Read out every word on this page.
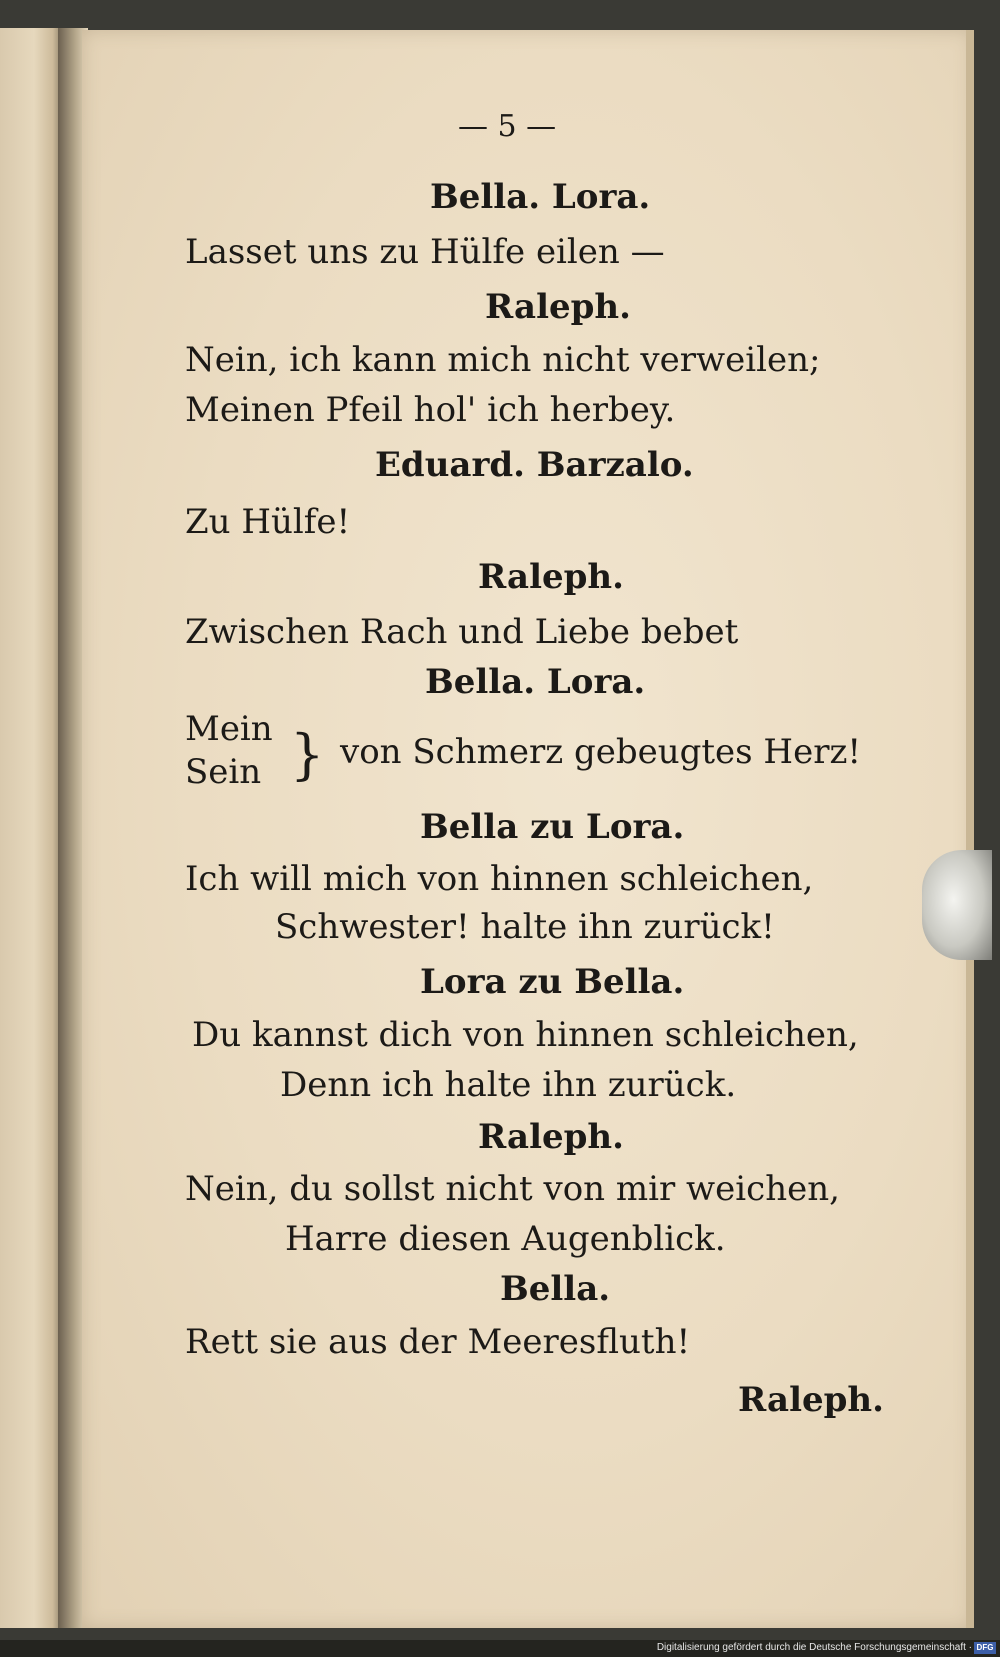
— 5 —
Bella. Lora.
Lasset uns zu Hülfe eilen —
Raleph.
Nein, ich kann mich nicht verweilen;
Meinen Pfeil hol' ich herbey.
Eduard. Barzalo.
Zu Hülfe!
Raleph.
Zwischen Rach und Liebe bebet
Bella. Lora.
Mein
Sein } von Schmerz gebeugtes Herz!
Bella zu Lora.
Ich will mich von hinnen schleichen,
Schwester! halte ihn zurück!
Lora zu Bella.
Du kannst dich von hinnen schleichen,
Denn ich halte ihn zurück.
Raleph.
Nein, du sollst nicht von mir weichen,
Harre diesen Augenblick.
Bella.
Rett sie aus der Meeresfluth!
Raleph.
Digitalisierung gefördert durch die Deutsche Forschungsgemeinschaft · DFG
